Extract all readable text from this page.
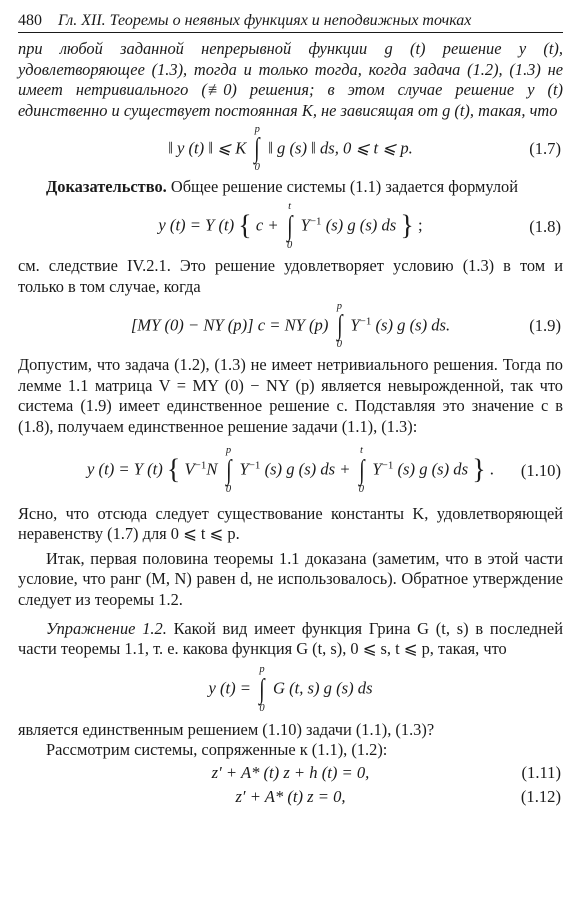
480 Гл. XII. Теоремы о неявных функциях и неподвижных точках

при любой заданной непрерывной функции g (t) решение y (t), удовлетворяющее (1.3), тогда и только тогда, когда задача (1.2), (1.3) не имеет нетривиального (≢0) решения; в этом случае решение y (t) единственно и существует постоянная K, не зависящая от g (t), такая, что

‖ y (t) ‖ ⩽ K
p
∫
0
‖ g (s) ‖ ds, 0 ⩽ t ⩽ p.	(1.7)

Доказательство. Общее решение системы (1.1) задается формулой

y (t) = Y (t) { c +
t
∫
0
$Y^{-1}$ (s) g (s) ds } ;	(1.8)

см. следствие IV.2.1. Это решение удовлетворяет условию (1.3) в том и только в том случае, когда

[MY (0) − NY (p)] c = NY (p)
p
∫
0
$Y^{-1}$ (s) g (s) ds.	(1.9)

Допустим, что задача (1.2), (1.3) не имеет нетривиального решения. Тогда по лемме 1.1 матрица V = MY (0) − NY (p) является невырожденной, так что система (1.9) имеет единственное решение c. Подставляя это значение c в (1.8), получаем единственное решение задачи (1.1), (1.3):

y (t) = Y (t) { $V^{-1}N$
p
∫
0
$Y^{-1}$ (s) g (s) ds +
t
∫
0
$Y^{-1}$ (s) g (s) ds } .	(1.10)

Ясно, что отсюда следует существование константы K, удовлетворяющей неравенству (1.7) для 0 ⩽ t ⩽ p.

Итак, первая половина теоремы 1.1 доказана (заметим, что в этой части условие, что ранг (M, N) равен d, не использовалось). Обратное утверждение следует из теоремы 1.2.

Упражнение 1.2. Какой вид имеет функция Грина G (t, s) в последней части теоремы 1.1, т. е. какова функция G (t, s), 0 ⩽ s, t ⩽ p, такая, что

y (t) =
p
∫
0
G (t, s) g (s) ds

является единственным решением (1.10) задачи (1.1), (1.3)?

Рассмотрим системы, сопряженные к (1.1), (1.2):

z′ + A* (t) z + h (t) = 0,	(1.11)
z′ + A* (t) z = 0,	(1.12)
